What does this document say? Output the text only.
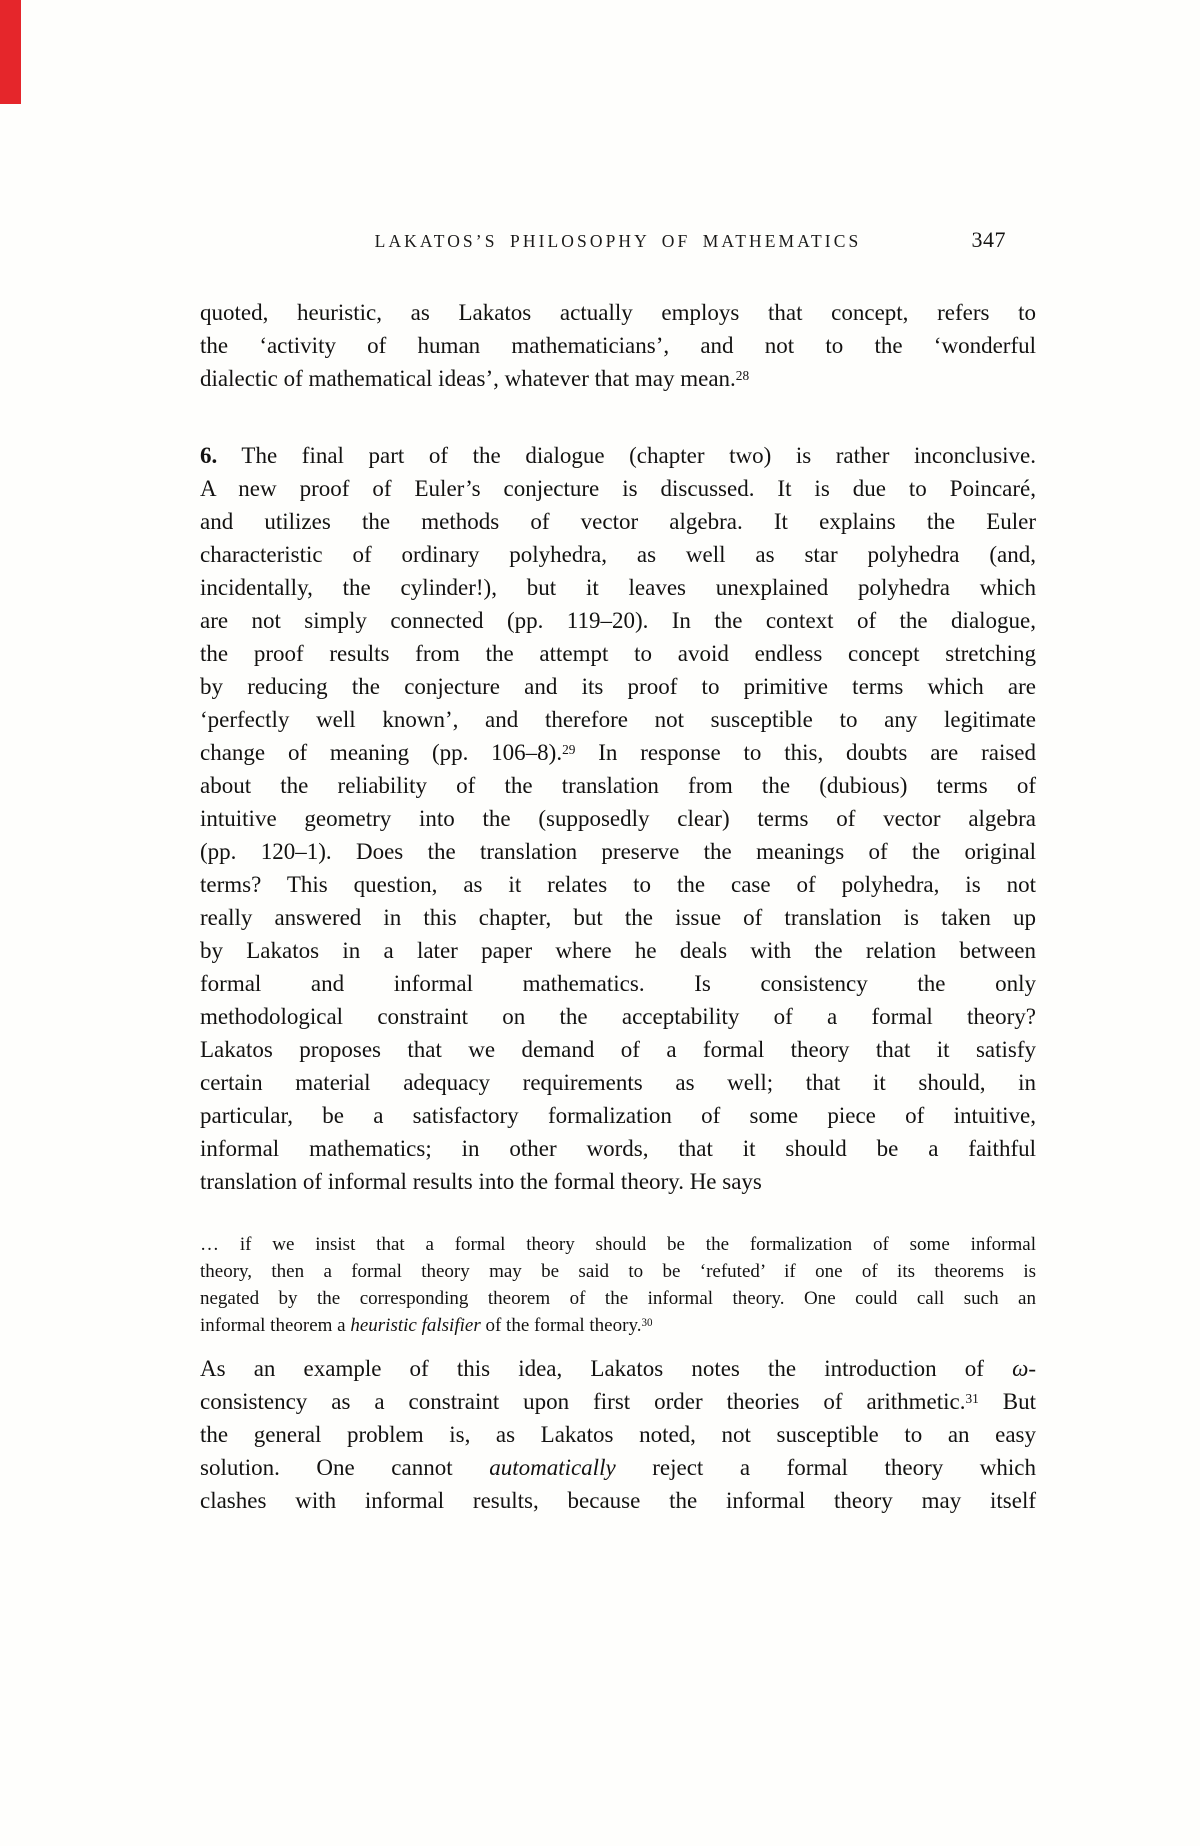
LAKATOS’S PHILOSOPHY OF MATHEMATICS	347
quoted, heuristic, as Lakatos actually employs that concept, refers to
the ‘activity of human mathematicians’, and not to the ‘wonderful
dialectic of mathematical ideas’, whatever that may mean.$^{28}$
6. The final part of the dialogue (chapter two) is rather inconclusive.
A new proof of Euler’s conjecture is discussed. It is due to Poincaré,
and utilizes the methods of vector algebra. It explains the Euler
characteristic of ordinary polyhedra, as well as star polyhedra (and,
incidentally, the cylinder!), but it leaves unexplained polyhedra which
are not simply connected (pp. 119–20). In the context of the dialogue,
the proof results from the attempt to avoid endless concept stretching
by reducing the conjecture and its proof to primitive terms which are
‘perfectly well known’, and therefore not susceptible to any legitimate
change of meaning (pp. 106–8).$^{29}$ In response to this, doubts are raised
about the reliability of the translation from the (dubious) terms of
intuitive geometry into the (supposedly clear) terms of vector algebra
(pp. 120–1). Does the translation preserve the meanings of the original
terms? This question, as it relates to the case of polyhedra, is not
really answered in this chapter, but the issue of translation is taken up
by Lakatos in a later paper where he deals with the relation between
formal and informal mathematics. Is consistency the only
methodological constraint on the acceptability of a formal theory?
Lakatos proposes that we demand of a formal theory that it satisfy
certain material adequacy requirements as well; that it should, in
particular, be a satisfactory formalization of some piece of intuitive,
informal mathematics; in other words, that it should be a faithful
translation of informal results into the formal theory. He says
… if we insist that a formal theory should be the formalization of some informal
theory, then a formal theory may be said to be ‘refuted’ if one of its theorems is
negated by the corresponding theorem of the informal theory. One could call such an
informal theorem a heuristic falsifier of the formal theory.$^{30}$
As an example of this idea, Lakatos notes the introduction of ω-
consistency as a constraint upon first order theories of arithmetic.$^{31}$ But
the general problem is, as Lakatos noted, not susceptible to an easy
solution. One cannot automatically reject a formal theory which
clashes with informal results, because the informal theory may itself
